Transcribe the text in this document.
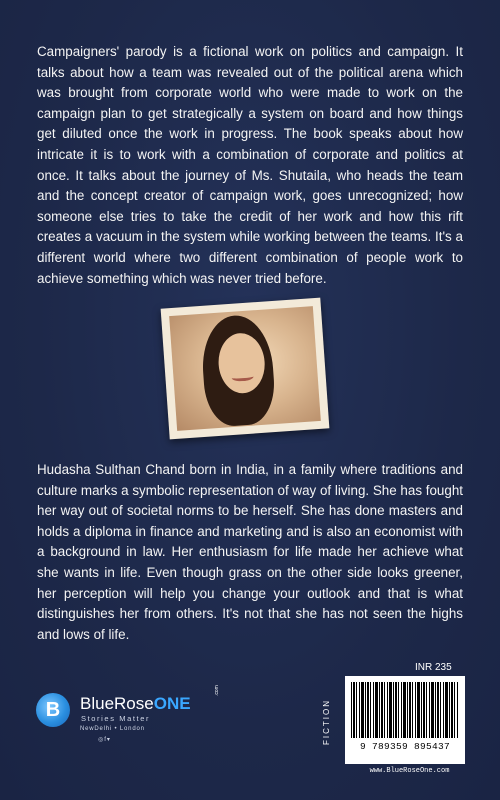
Campaigners' parody is a fictional work on politics and campaign. It talks about how a team was revealed out of the political arena which was brought from corporate world who were made to work on the campaign plan to get strategically a system on board and how things get diluted once the work in progress. The book speaks about how intricate it is to work with a combination of corporate and politics at once. It talks about the journey of Ms. Shutaila, who heads the team and the concept creator of campaign work, goes unrecognized; how someone else tries to take the credit of her work and how this rift creates a vacuum in the system while working between the teams. It's a different world where two different combination of people work to achieve something which was never tried before.

Hudasha Sulthan Chand born in India, in a family where traditions and culture marks a symbolic representation of way of living. She has fought her way out of societal norms to be herself. She has done masters and holds a diploma in finance and marketing and is also an economist with a background in law. Her enthusiasm for life made her achieve what she wants in life. Even though grass on the other side looks greener, her perception will help you change your outlook and that is what distinguishes her from others. It's not that she has not seen the highs and lows of life.

B	BlueRoseONE
.com
Stories Matter
NewDelhi • London
◎f▾
INR 235
FICTION
9 789359 895437
www.BlueRoseOne.com
